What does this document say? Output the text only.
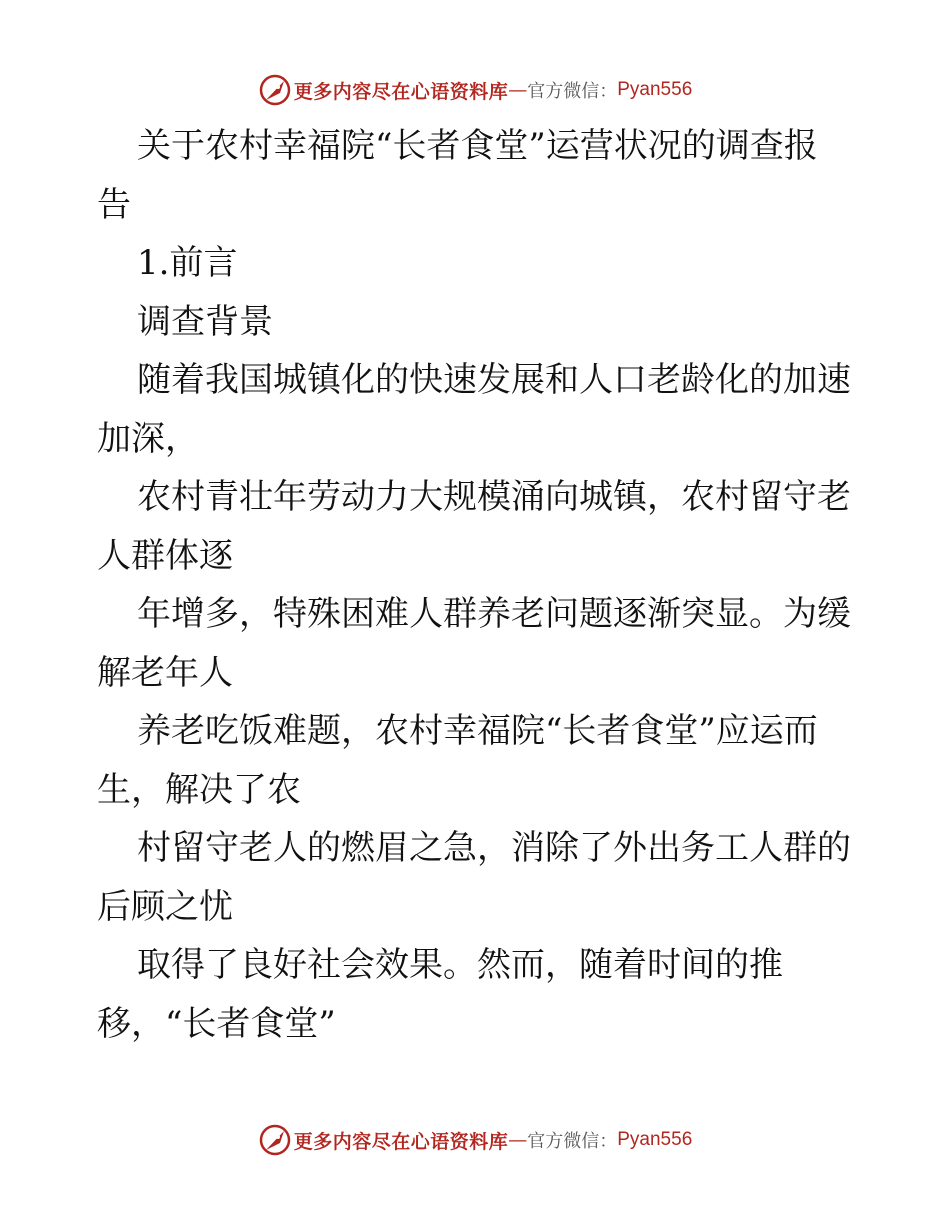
更多内容尽在心语资料库 — 官方微信： Pyan556
关于农村幸福院“长者食堂”运营状况的调查报
告
1.前言
调查背景
随着我国城镇化的快速发展和人口老龄化的加速
加深，
农村青壮年劳动力大规模涌向城镇，农村留守老
人群体逐
年增多，特殊困难人群养老问题逐渐突显。为缓
解老年人
养老吃饭难题，农村幸福院“长者食堂”应运而
生，解决了农
村留守老人的燃眉之急，消除了外出务工人群的
后顾之忧
取得了良好社会效果。然而，随着时间的推
移，“长者食堂”
更多内容尽在心语资料库 — 官方微信： Pyan556
